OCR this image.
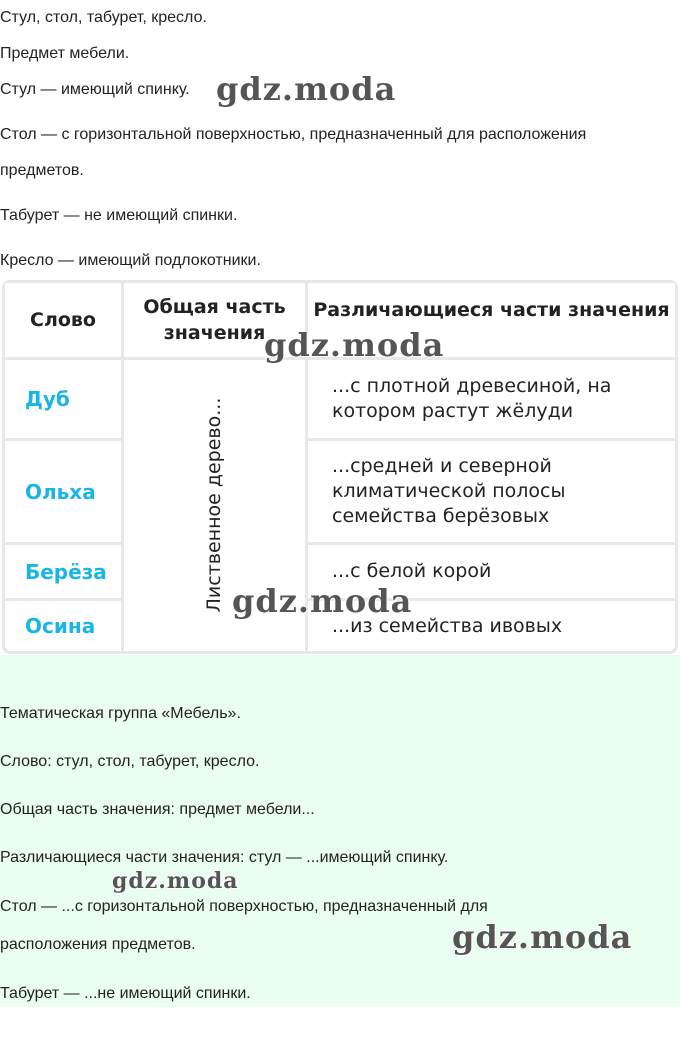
Стул, стол, табурет, кресло.
Предмет мебели.
Стул — имеющий спинку.
Стол — с горизонтальной поверхностью, предназначенный для расположения
предметов.
Табурет — не имеющий спинки.
Кресло — имеющий подлокотники.
Слово
Общая часть значения
Различающиеся части значения
Дуб
Ольха
Берёза
Осина
Лиственное дерево...
...с плотной древесиной, на котором растут жёлуди
...средней и северной климатической полосы семейства берёзовых
...с белой корой
...из семейства ивовых
Тематическая группа «Мебель».
Слово: стул, стол, табурет, кресло.
Общая часть значения: предмет мебели...
Различающиеся части значения: стул — ...имеющий спинку.
Стол — ...с горизонтальной поверхностью, предназначенный для
расположения предметов.
Табурет — ...не имеющий спинки.
gdz.moda
gdz.moda
gdz.moda
gdz.moda
gdz.moda
